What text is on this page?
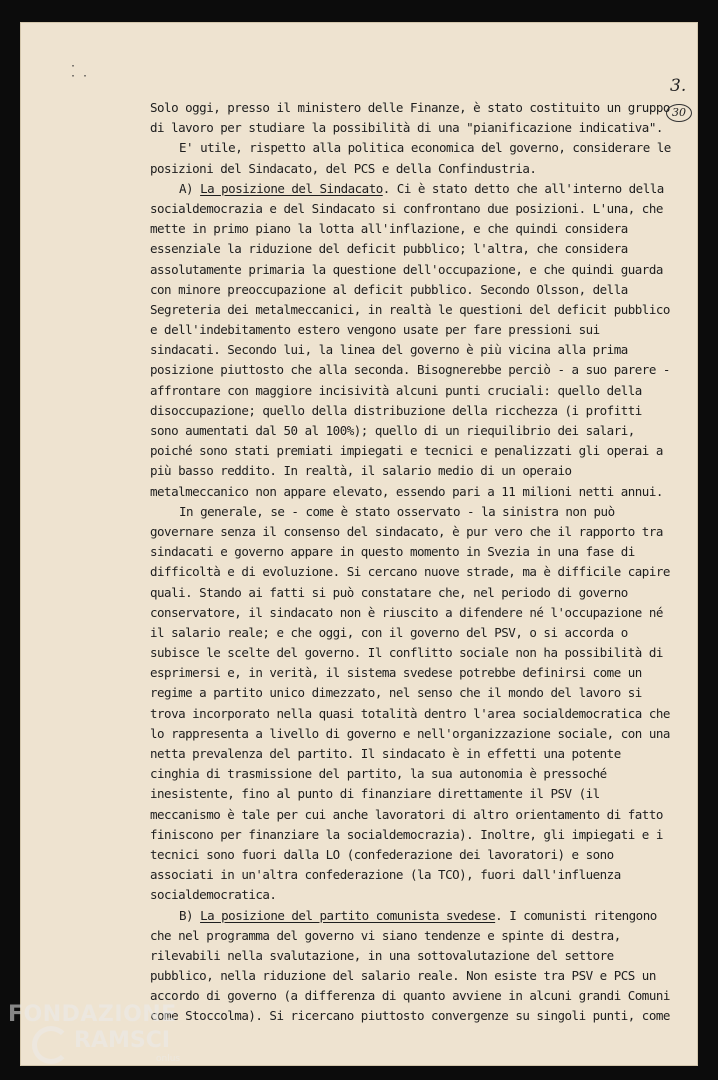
·
· ·	3.
30
Solo oggi, presso il ministero delle Finanze, è stato costituito un gruppo
di lavoro per studiare la possibilità di una "pianificazione indicativa".
E' utile, rispetto alla politica economica del governo, considerare le
posizioni del Sindacato, del PCS e della Confindustria.
A) La posizione del Sindacato. Ci è stato detto che all'interno della
socialdemocrazia e del Sindacato si confrontano due posizioni. L'una, che
mette in primo piano la lotta all'inflazione, e che quindi considera
essenziale la riduzione del deficit pubblico; l'altra, che considera
assolutamente primaria la questione dell'occupazione, e che quindi guarda
con minore preoccupazione al deficit pubblico. Secondo Olsson, della
Segreteria dei metalmeccanici, in realtà le questioni del deficit pubblico
e dell'indebitamento estero vengono usate per fare pressioni sui
sindacati. Secondo lui, la linea del governo è più vicina alla prima
posizione piuttosto che alla seconda. Bisognerebbe perciò - a suo parere -
affrontare con maggiore incisività alcuni punti cruciali: quello della
disoccupazione; quello della distribuzione della ricchezza (i profitti
sono aumentati dal 50 al 100%); quello di un riequilibrio dei salari,
poiché sono stati premiati impiegati e tecnici e penalizzati gli operai a
più basso reddito. In realtà, il salario medio di un operaio
metalmeccanico non appare elevato, essendo pari a 11 milioni netti annui.
In generale, se - come è stato osservato - la sinistra non può
governare senza il consenso del sindacato, è pur vero che il rapporto tra
sindacati e governo appare in questo momento in Svezia in una fase di
difficoltà e di evoluzione. Si cercano nuove strade, ma è difficile capire
quali. Stando ai fatti si può constatare che, nel periodo di governo
conservatore, il sindacato non è riuscito a difendere né l'occupazione né
il salario reale; e che oggi, con il governo del PSV, o si accorda o
subisce le scelte del governo. Il conflitto sociale non ha possibilità di
esprimersi e, in verità, il sistema svedese potrebbe definirsi come un
regime a partito unico dimezzato, nel senso che il mondo del lavoro si
trova incorporato nella quasi totalità dentro l'area socialdemocratica che
lo rappresenta a livello di governo e nell'organizzazione sociale, con una
netta prevalenza del partito. Il sindacato è in effetti una potente
cinghia di trasmissione del partito, la sua autonomia è pressoché
inesistente, fino al punto di finanziare direttamente il PSV (il
meccanismo è tale per cui anche lavoratori di altro orientamento di fatto
finiscono per finanziare la socialdemocrazia). Inoltre, gli impiegati e i
tecnici sono fuori dalla LO (confederazione dei lavoratori) e sono
associati in un'altra confederazione (la TCO), fuori dall'influenza
socialdemocratica.
B) La posizione del partito comunista svedese. I comunisti ritengono
che nel programma del governo vi siano tendenze e spinte di destra,
rilevabili nella svalutazione, in una sottovalutazione del settore
pubblico, nella riduzione del salario reale. Non esiste tra PSV e PCS un
accordo di governo (a differenza di quanto avviene in alcuni grandi Comuni
come Stoccolma). Si ricercano piuttosto convergenze su singoli punti, come
FONDAZIONE
RAMSCI
onlus
